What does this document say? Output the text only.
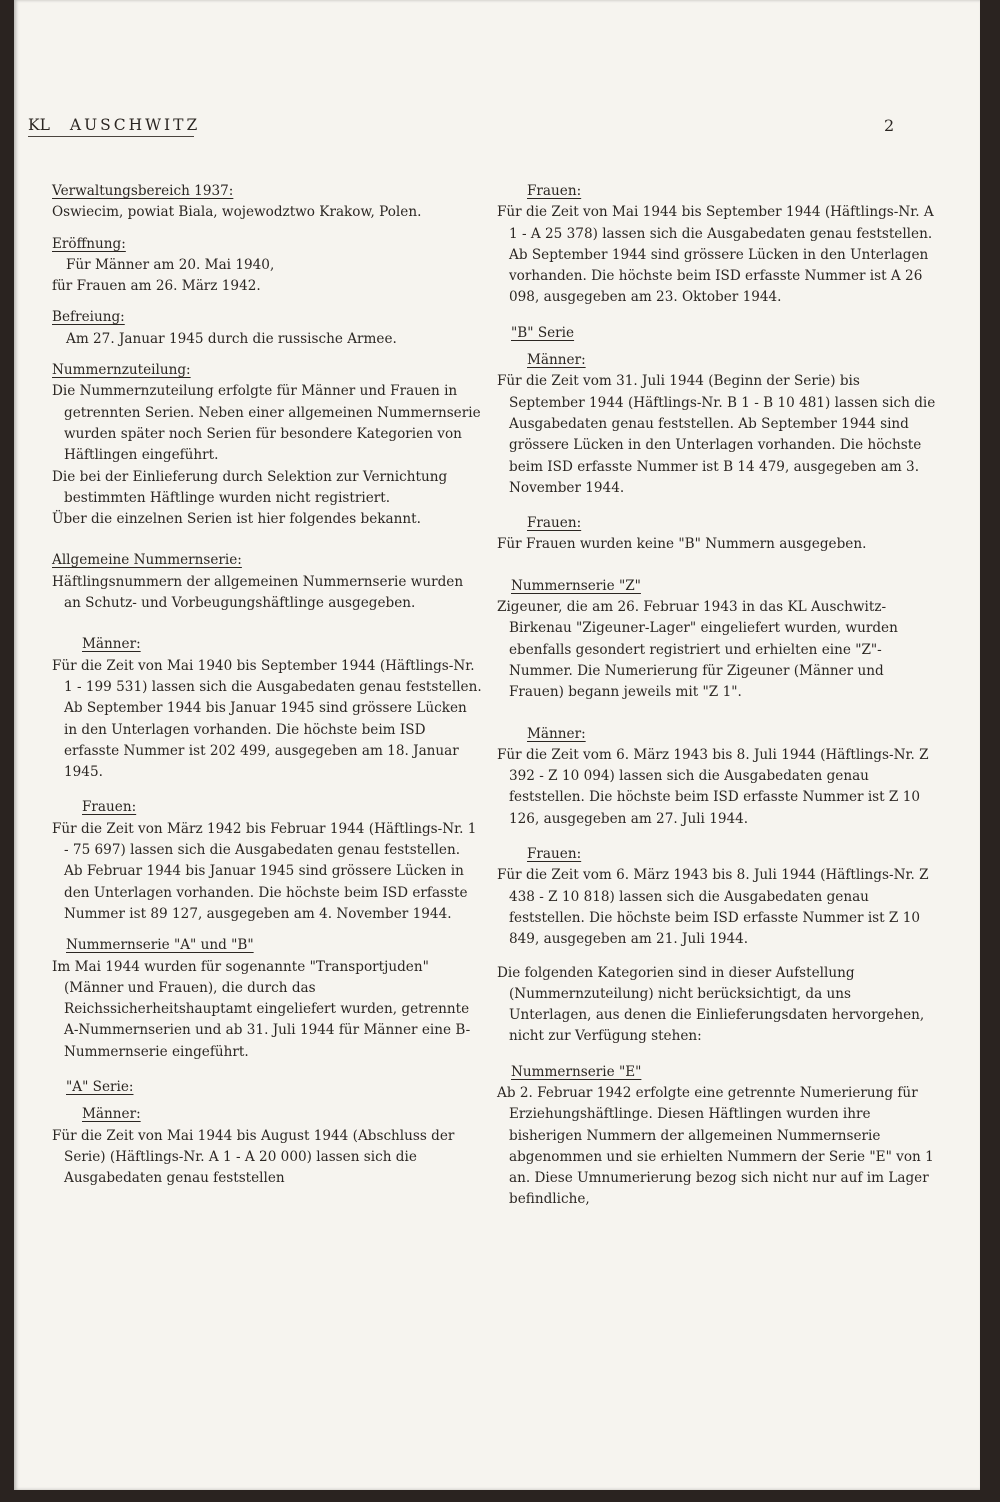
KL AUSCHWITZ	2
Verwaltungsbereich 1937:

Oswiecim, powiat Biala, wojewodztwo Krakow, Polen.

Eröffnung:

Für Männer am 20. Mai 1940,

für Frauen am 26. März 1942.

Befreiung:

Am 27. Januar 1945 durch die russische Armee.

Nummernzuteilung:

Die Nummernzuteilung erfolgte für Männer und Frauen in getrennten Serien. Neben einer allgemeinen Nummernserie wurden später noch Serien für besondere Kategorien von Häftlingen eingeführt.

Die bei der Einlieferung durch Selektion zur Vernichtung bestimmten Häftlinge wurden nicht registriert.

Über die einzelnen Serien ist hier folgendes bekannt.

Allgemeine Nummernserie:

Häftlingsnummern der allgemeinen Nummernserie wurden an Schutz- und Vorbeugungshäftlinge ausgegeben.

Männer:

Für die Zeit von Mai 1940 bis September 1944 (Häftlings-Nr. 1 - 199 531) lassen sich die Ausgabedaten genau feststellen. Ab September 1944 bis Januar 1945 sind grössere Lücken in den Unterlagen vorhanden. Die höchste beim ISD erfasste Nummer ist 202 499, ausgegeben am 18. Januar 1945.

Frauen:

Für die Zeit von März 1942 bis Februar 1944 (Häftlings-Nr. 1 - 75 697) lassen sich die Ausgabedaten genau feststellen. Ab Februar 1944 bis Januar 1945 sind grössere Lücken in den Unterlagen vorhanden. Die höchste beim ISD erfasste Nummer ist 89 127, ausgegeben am 4. November 1944.

Nummernserie "A" und "B"

Im Mai 1944 wurden für sogenannte "Transportjuden" (Männer und Frauen), die durch das Reichssicherheitshauptamt eingeliefert wurden, getrennte A-Nummernserien und ab 31. Juli 1944 für Männer eine B-Nummernserie eingeführt.

"A" Serie:
Männer:

Für die Zeit von Mai 1944 bis August 1944 (Abschluss der Serie) (Häftlings-Nr. A 1 - A 20 000) lassen sich die Ausgabedaten genau feststellen

Frauen:

Für die Zeit von Mai 1944 bis September 1944 (Häftlings-Nr. A 1 - A 25 378) lassen sich die Ausgabedaten genau feststellen. Ab September 1944 sind grössere Lücken in den Unterlagen vorhanden. Die höchste beim ISD erfasste Nummer ist A 26 098, ausgegeben am 23. Oktober 1944.

"B" Serie
Männer:

Für die Zeit vom 31. Juli 1944 (Beginn der Serie) bis September 1944 (Häftlings-Nr. B 1 - B 10 481) lassen sich die Ausgabedaten genau feststellen. Ab September 1944 sind grössere Lücken in den Unterlagen vorhanden. Die höchste beim ISD erfasste Nummer ist B 14 479, ausgegeben am 3. November 1944.

Frauen:

Für Frauen wurden keine "B" Nummern ausgegeben.

Nummernserie "Z"

Zigeuner, die am 26. Februar 1943 in das KL Auschwitz-Birkenau "Zigeuner-Lager" eingeliefert wurden, wurden ebenfalls gesondert registriert und erhielten eine "Z"-Nummer. Die Numerierung für Zigeuner (Männer und Frauen) begann jeweils mit "Z 1".

Männer:

Für die Zeit vom 6. März 1943 bis 8. Juli 1944 (Häftlings-Nr. Z 392 - Z 10 094) lassen sich die Ausgabedaten genau feststellen. Die höchste beim ISD erfasste Nummer ist Z 10 126, ausgegeben am 27. Juli 1944.

Frauen:

Für die Zeit vom 6. März 1943 bis 8. Juli 1944 (Häftlings-Nr. Z 438 - Z 10 818) lassen sich die Ausgabedaten genau feststellen. Die höchste beim ISD erfasste Nummer ist Z 10 849, ausgegeben am 21. Juli 1944.

Die folgenden Kategorien sind in dieser Aufstellung (Nummernzuteilung) nicht berücksichtigt, da uns Unterlagen, aus denen die Einlieferungsdaten hervorgehen, nicht zur Verfügung stehen:

Nummernserie "E"

Ab 2. Februar 1942 erfolgte eine getrennte Numerierung für Erziehungshäftlinge. Diesen Häftlingen wurden ihre bisherigen Nummern der allgemeinen Nummernserie abgenommen und sie erhielten Nummern der Serie "E" von 1 an. Diese Umnumerierung bezog sich nicht nur auf im Lager befindliche,
